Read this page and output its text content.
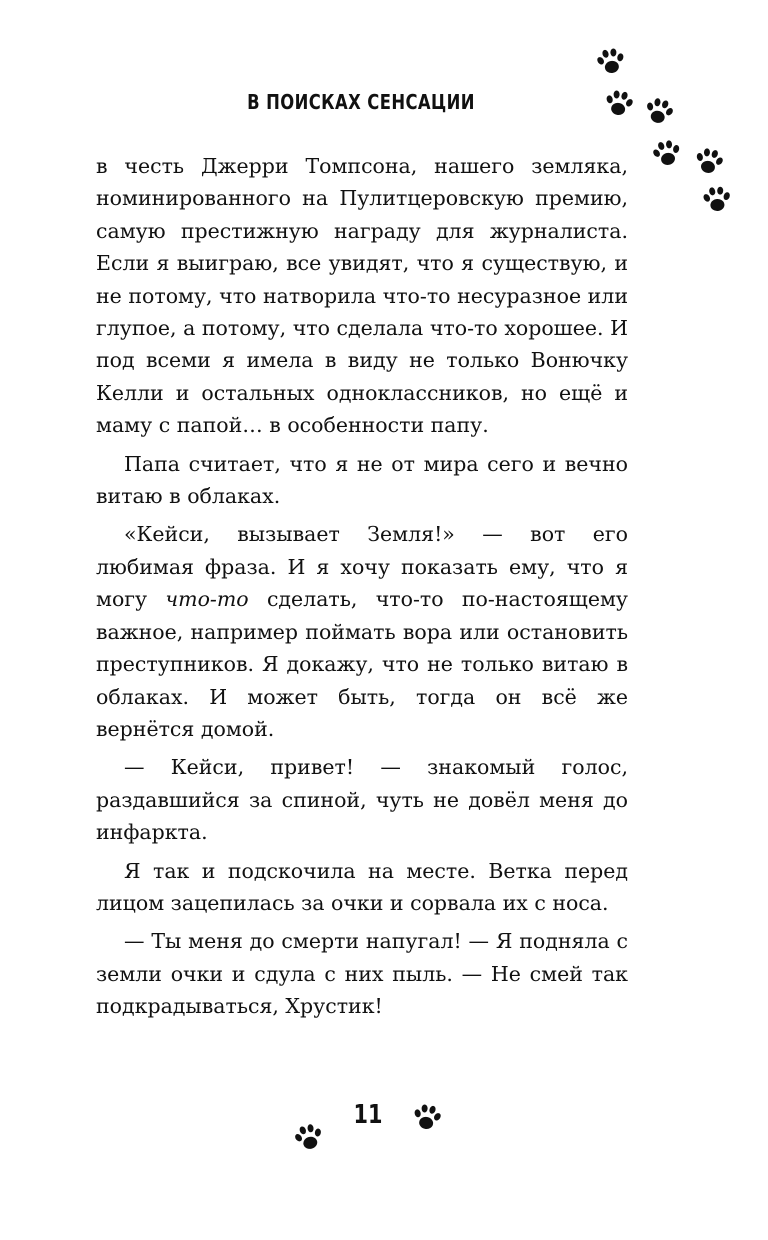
В ПОИСКАХ СЕНСАЦИИ

в честь Джерри Томпсона, нашего земляка, номинированного на Пулитцеровскую премию, самую престижную награду для журналиста. Если я выиграю, все увидят, что я существую, и не потому, что натворила что-то несуразное или глупое, а потому, что сделала что-то хорошее. И под всеми я имела в виду не только Вонючку Келли и остальных одноклассников, но ещё и маму с папой… в особенности папу.

Папа считает, что я не от мира сего и вечно витаю в облаках.

«Кейси, вызывает Земля!» — вот его любимая фраза. И я хочу показать ему, что я могу что-то сделать, что-то по-настоящему важное, например поймать вора или остановить преступников. Я докажу, что не только витаю в облаках. И может быть, тогда он всё же вернётся домой.

— Кейси, привет! — знакомый голос, раздавшийся за спиной, чуть не довёл меня до инфаркта.

Я так и подскочила на месте. Ветка перед лицом зацепилась за очки и сорвала их с носа.

— Ты меня до смерти напугал! — Я подняла с земли очки и сдула с них пыль. — Не смей так подкрадываться, Хрустик!

11
